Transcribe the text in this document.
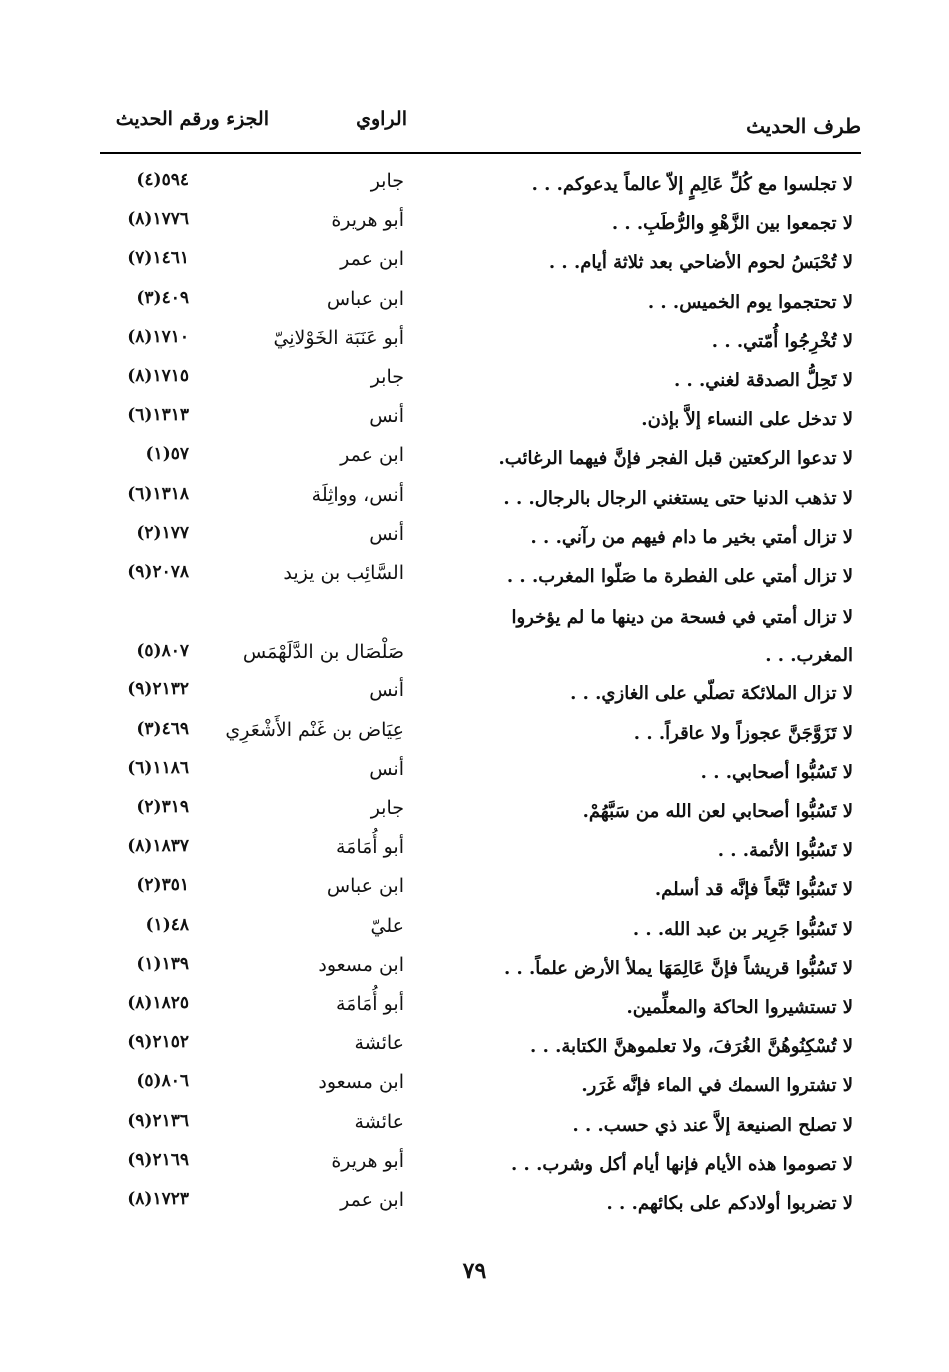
طرف الحديث
الراوي
الجزء ورقم الحديث
لا تجلسوا مع كُلِّ عَالِمٍ إلاّ عالماً يدعوكم. . .
جابر
٥٩٤(٤)
لا تجمعوا بين الزَّهْوِ والرُّطَبِ. . .
أبو هريرة
١٧٧٦(٨)
لا تُحْبَسُ لحوم الأضاحي بعد ثلاثة أيام. . .
ابن عمر
١٤٦١(٧)
لا تحتجموا يوم الخميس. . .
ابن عباس
٤٠٩(٣)
لا تُخْرِجُوا أُمّتي. . .
أبو عَنَبَة الخَوْلانِيّ
١٧١٠(٨)
لا تَحِلُّ الصدقة لغني. . .
جابر
١٧١٥(٨)
لا تدخل على النساء إلاَّ بإذن.
أنس
١٣١٣(٦)
لا تدعوا الركعتين قبل الفجر فإنَّ فيهما الرغائب.
ابن عمر
٥٧(١)
لا تذهب الدنيا حتى يستغني الرجال بالرجال. . .
أنس، وواثِلَة
١٣١٨(٦)
لا تزال أمتي بخير ما دام فيهم من رآني. . .
أنس
١٧٧(٢)
لا تزال أمتي على الفطرة ما صَلّوا المغرب. . .
السَّائِب بن يزيد
٢٠٧٨(٩)
لا تزال أمتي في فسحة من دينها ما لم يؤخروا المغرب. . .
صَلْصَال بن الدَّلَهْمَس
٨٠٧(٥)
لا تزال الملائكة تصلّي على الغازي. . .
أنس
٢١٣٢(٩)
لا تَزَوَّجَنَّ عجوزاً ولا عاقراً. . .
عِيَاض بن غَنْم الأَشْعَرِي
٤٦٩(٣)
لا تَسُبُّوا أصحابي. . .
أنس
١١٨٦(٦)
لا تَسُبُّوا أصحابي لعن الله من سَبَّهُمْ.
جابر
٣١٩(٢)
لا تَسُبُّوا الأئمة. . .
أبو أُمَامَة
١٨٣٧(٨)
لا تَسُبُّوا تُبَّعاً فإنَّه قد أسلم.
ابن عباس
٣٥١(٢)
لا تَسُبُّوا جَرِير بن عبد الله. . .
عليّ
٤٨(١)
لا تَسُبُّوا قريشاً فإنَّ عَالِمَهَا يملأ الأرض علماً. . .
ابن مسعود
١٣٩(١)
لا تستشيروا الحاكة والمعلِّمين.
أبو أُمَامَة
١٨٢٥(٨)
لا تُسْكِنُوهُنَّ الغُرَفَ، ولا تعلموهنَّ الكتابة. . .
عائشة
٢١٥٢(٩)
لا تشتروا السمك في الماء فإنَّه غَرَر.
ابن مسعود
٨٠٦(٥)
لا تصلح الصنيعة إلاَّ عند ذي حسب. . .
عائشة
٢١٣٦(٩)
لا تصوموا هذه الأيام فإنها أيام أكل وشرب. . .
أبو هريرة
٢١٦٩(٩)
لا تضربوا أولادكم على بكائهم. . .
ابن عمر
١٧٢٣(٨)
٧٩
